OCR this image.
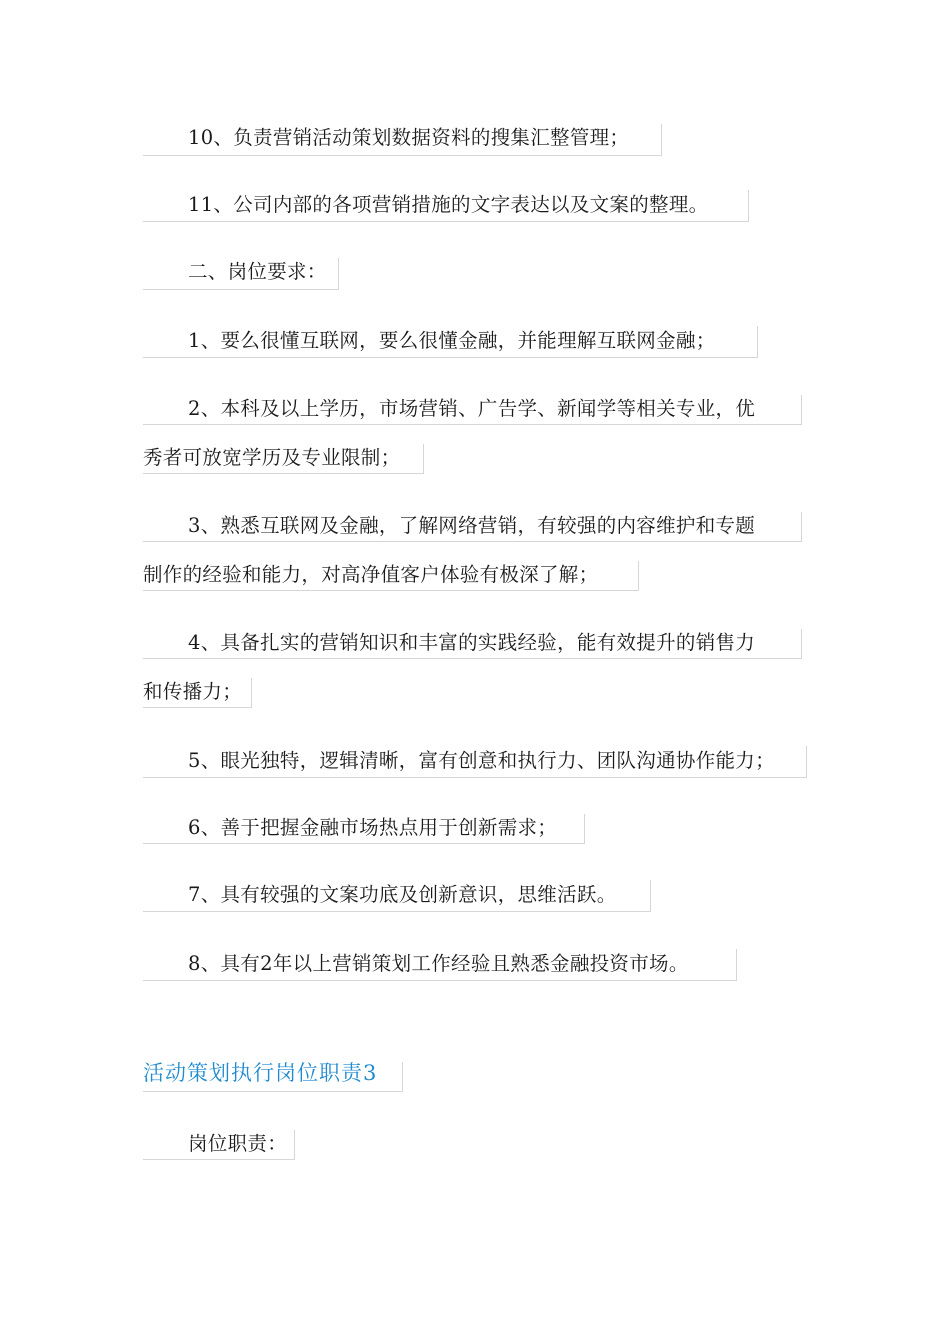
10、负责营销活动策划数据资料的搜集汇整管理；
11、公司内部的各项营销措施的文字表达以及文案的整理。
二、岗位要求：
1、要么很懂互联网，要么很懂金融，并能理解互联网金融；
2、本科及以上学历，市场营销、广告学、新闻学等相关专业，优
秀者可放宽学历及专业限制；
3、熟悉互联网及金融，了解网络营销，有较强的内容维护和专题
制作的经验和能力，对高净值客户体验有极深了解；
4、具备扎实的营销知识和丰富的实践经验，能有效提升的销售力
和传播力；
5、眼光独特，逻辑清晰，富有创意和执行力、团队沟通协作能力；
6、善于把握金融市场热点用于创新需求；
7、具有较强的文案功底及创新意识，思维活跃。
8、具有2年以上营销策划工作经验且熟悉金融投资市场。
活动策划执行岗位职责3
岗位职责：
